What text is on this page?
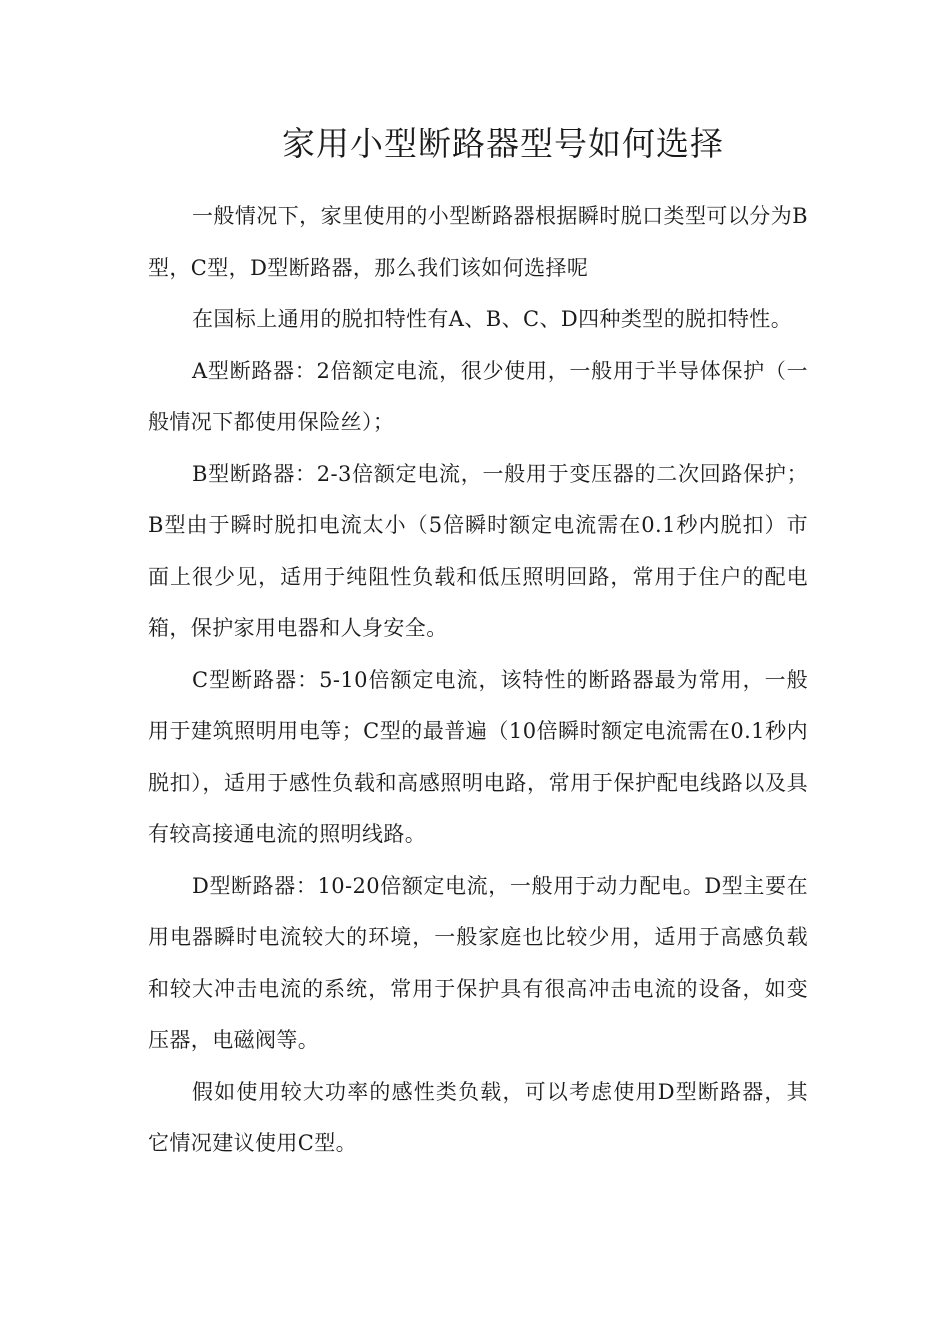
家用小型断路器型号如何选择

一般情况下，家里使用的小型断路器根据瞬时脱口类型可以分为B型，C型，D型断路器，那么我们该如何选择呢

在国标上通用的脱扣特性有A、B、C、D四种类型的脱扣特性。

A型断路器：2倍额定电流，很少使用，一般用于半导体保护（一般情况下都使用保险丝）；

B型断路器：2-3倍额定电流，一般用于变压器的二次回路保护；B型由于瞬时脱扣电流太小（5倍瞬时额定电流需在0.1秒内脱扣）市面上很少见，适用于纯阻性负载和低压照明回路，常用于住户的配电箱，保护家用电器和人身安全。

C型断路器：5-10倍额定电流，该特性的断路器最为常用，一般用于建筑照明用电等；C型的最普遍（10倍瞬时额定电流需在0.1秒内脱扣），适用于感性负载和高感照明电路，常用于保护配电线路以及具有较高接通电流的照明线路。

D型断路器：10-20倍额定电流，一般用于动力配电。D型主要在用电器瞬时电流较大的环境，一般家庭也比较少用，适用于高感负载和较大冲击电流的系统，常用于保护具有很高冲击电流的设备，如变压器，电磁阀等。

假如使用较大功率的感性类负载，可以考虑使用D型断路器，其它情况建议使用C型。
